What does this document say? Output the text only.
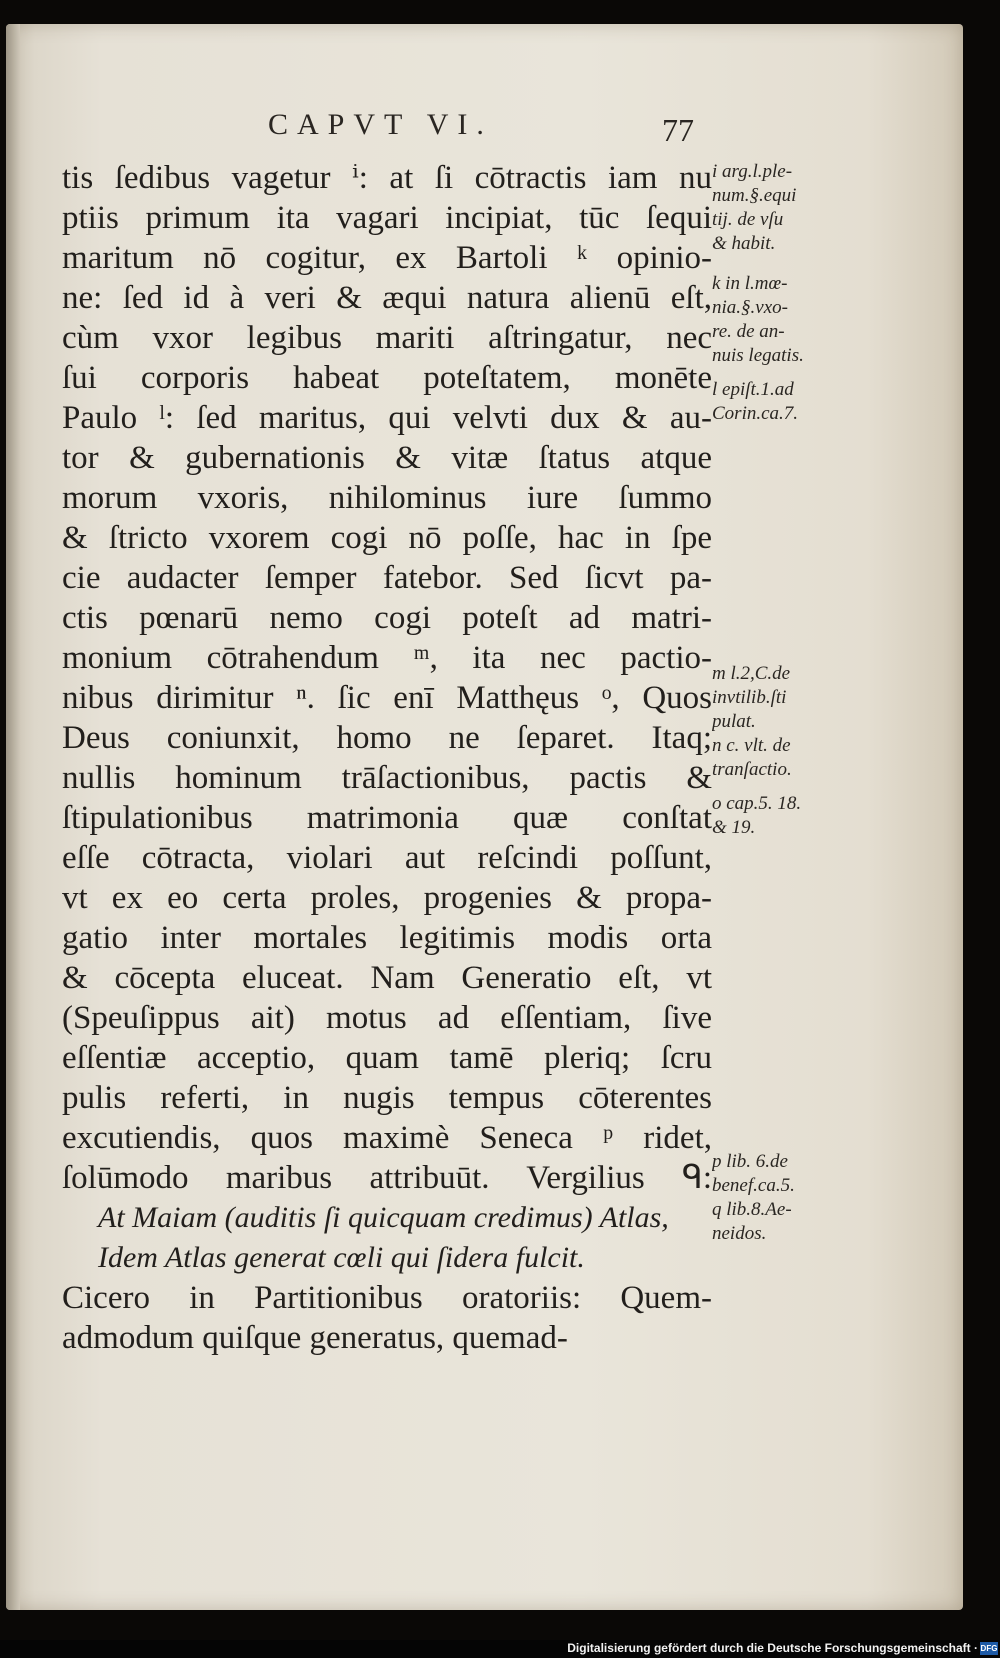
CAPVT VI.	77
tis ſedibus vagetur ⁱ: at ſi cōtractis iam nu
ptiis primum ita vagari incipiat, tūc ſequi
maritum nō cogitur, ex Bartoli ᵏ opinio-
ne: ſed id à veri & æqui natura alienū eſt,
cùm vxor legibus mariti aſtringatur, nec
ſui corporis habeat poteſtatem, monēte
Paulo ˡ: ſed maritus, qui velvti dux & au-
tor & gubernationis & vitæ ſtatus atque
morum vxoris, nihilominus iure ſummo
& ſtricto vxorem cogi nō poſſe, hac in ſpe
cie audacter ſemper fatebor. Sed ſicvt pa-
ctis pœnarū nemo cogi poteſt ad matri-
monium cōtrahendum ᵐ, ita nec pactio-
nibus dirimitur ⁿ. ſic enī Matthęus ᵒ, Quos
Deus coniunxit, homo ne ſeparet. Itaq;
nullis hominum trāſactionibus, pactis &
ſtipulationibus matrimonia quæ conſtat
eſſe cōtracta, violari aut reſcindi poſſunt,
vt ex eo certa proles, progenies & propa-
gatio inter mortales legitimis modis orta
& cōcepta eluceat. Nam Generatio eſt, vt
(Speuſippus ait) motus ad eſſentiam, ſive
eſſentiæ acceptio, quam tamē pleriq; ſcru
pulis referti, in nugis tempus cōterentes
excutiendis, quos maximè Seneca ᵖ ridet,
ſolūmodo maribus attribuūt. Vergilius ᑫ:
At Maiam (auditis ſi quicquam credimus) Atlas,
Idem Atlas generat cœli qui ſidera fulcit.
Cicero in Partitionibus oratoriis: Quem-
admodum quiſque generatus, quemad-
i arg.l.ple-
num.§.equi
tij. de vſu
& habit.
k in l.mœ-
nia.§.vxo-
re. de an-
nuis legatis.
l epiſt.1.ad
Corin.ca.7.
m l.2,C.de
invtilib.ſti
pulat.
n c. vlt. de
tranſactio.
o cap.5. 18.
& 19.
p lib. 6.de
benef.ca.5.
q lib.8.Ae-
neidos.
Digitalisierung gefördert durch die Deutsche Forschungsgemeinschaft · DFG
